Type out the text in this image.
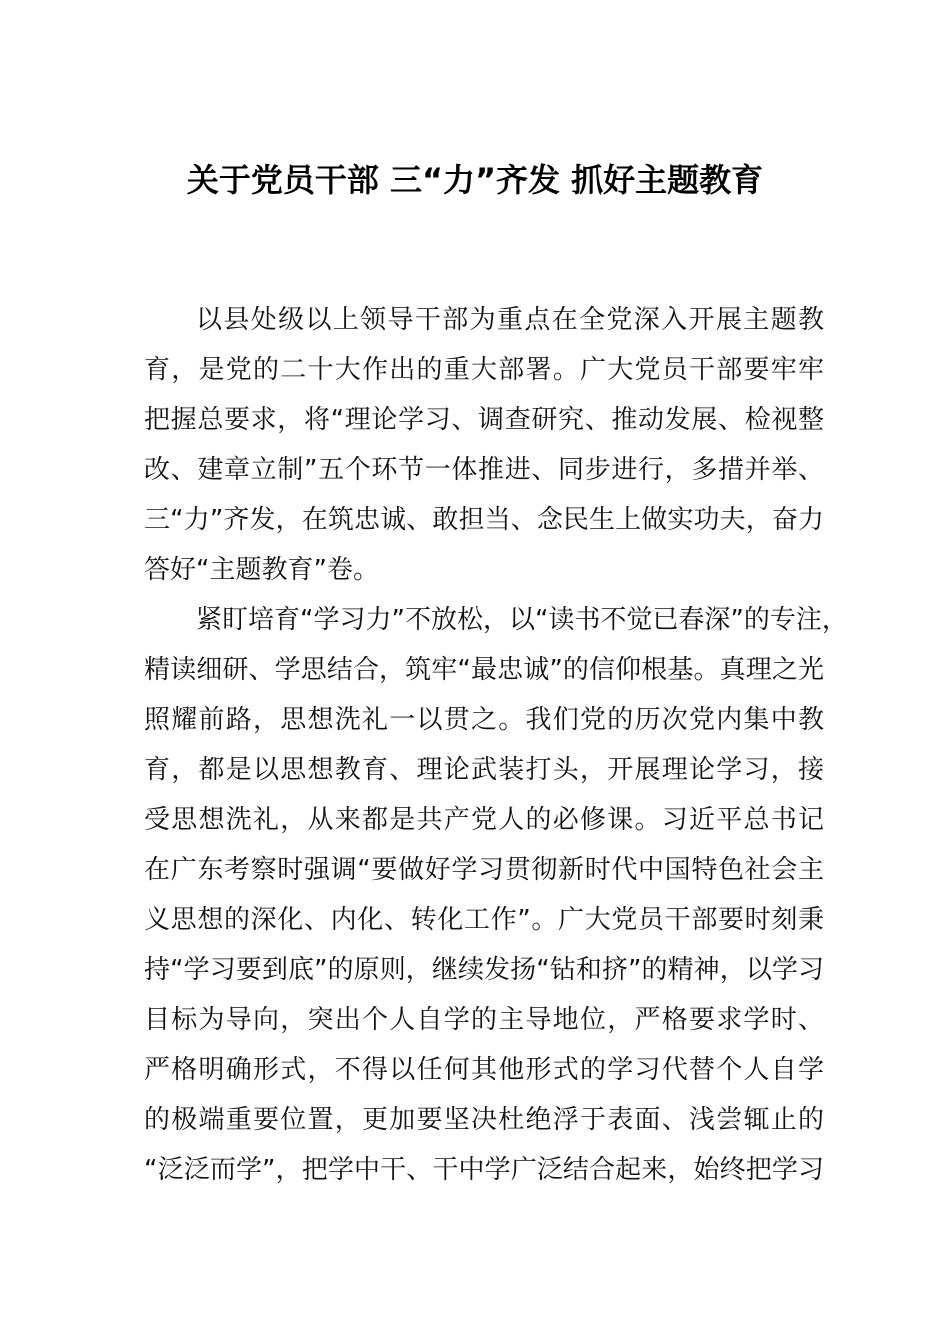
关于党员干部 三“力”齐发 抓好主题教育
以县处级以上领导干部为重点在全党深入开展主题教
育，是党的二十大作出的重大部署。广大党员干部要牢牢
把握总要求，将“理论学习、调查研究、推动发展、检视整
改、建章立制”五个环节一体推进、同步进行，多措并举、
三“力”齐发，在筑忠诚、敢担当、念民生上做实功夫，奋力
答好“主题教育”卷。
紧盯培育“学习力”不放松，以“读书不觉已春深”的专注，
精读细研、学思结合，筑牢“最忠诚”的信仰根基。真理之光
照耀前路，思想洗礼一以贯之。我们党的历次党内集中教
育，都是以思想教育、理论武装打头，开展理论学习，接
受思想洗礼，从来都是共产党人的必修课。习近平总书记
在广东考察时强调“要做好学习贯彻新时代中国特色社会主
义思想的深化、内化、转化工作”。广大党员干部要时刻秉
持“学习要到底”的原则，继续发扬“钻和挤”的精神，以学习
目标为导向，突出个人自学的主导地位，严格要求学时、
严格明确形式，不得以任何其他形式的学习代替个人自学
的极端重要位置，更加要坚决杜绝浮于表面、浅尝辄止的
“泛泛而学”，把学中干、干中学广泛结合起来，始终把学习
